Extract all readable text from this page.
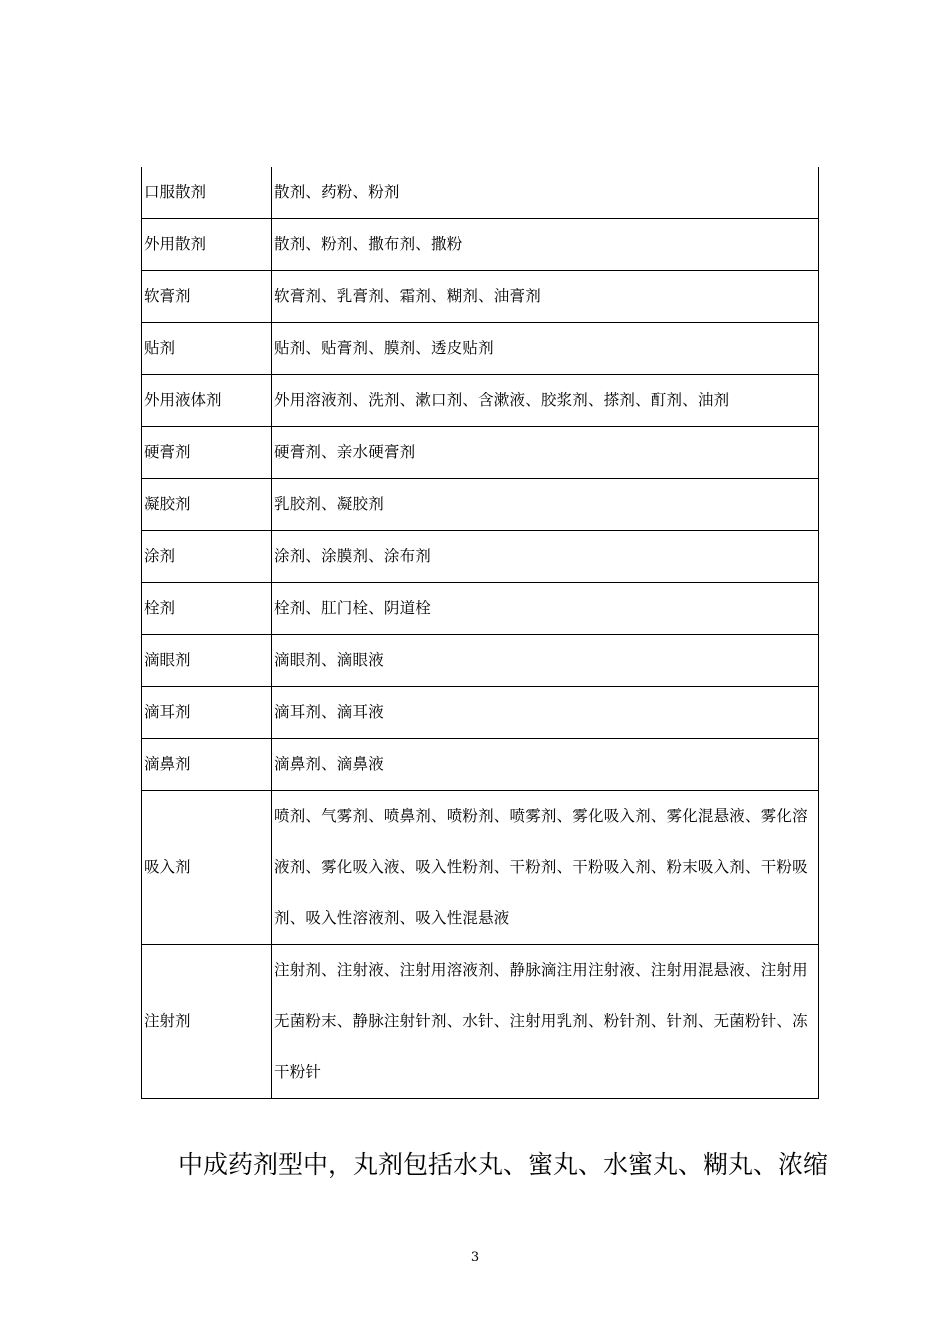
口服散剂	散剂、药粉、粉剂
外用散剂	散剂、粉剂、撒布剂、撒粉
软膏剂	软膏剂、乳膏剂、霜剂、糊剂、油膏剂
贴剂	贴剂、贴膏剂、膜剂、透皮贴剂
外用液体剂	外用溶液剂、洗剂、漱口剂、含漱液、胶浆剂、搽剂、酊剂、油剂
硬膏剂	硬膏剂、亲水硬膏剂
凝胶剂	乳胶剂、凝胶剂
涂剂	涂剂、涂膜剂、涂布剂
栓剂	栓剂、肛门栓、阴道栓
滴眼剂	滴眼剂、滴眼液
滴耳剂	滴耳剂、滴耳液
滴鼻剂	滴鼻剂、滴鼻液
吸入剂	喷剂、气雾剂、喷鼻剂、喷粉剂、喷雾剂、雾化吸入剂、雾化混悬液、雾化溶液剂、雾化吸入液、吸入性粉剂、干粉剂、干粉吸入剂、粉末吸入剂、干粉吸剂、吸入性溶液剂、吸入性混悬液
注射剂	注射剂、注射液、注射用溶液剂、静脉滴注用注射液、注射用混悬液、注射用无菌粉末、静脉注射针剂、水针、注射用乳剂、粉针剂、针剂、无菌粉针、冻干粉针

中成药剂型中，丸剂包括水丸、蜜丸、水蜜丸、糊丸、浓缩

3
